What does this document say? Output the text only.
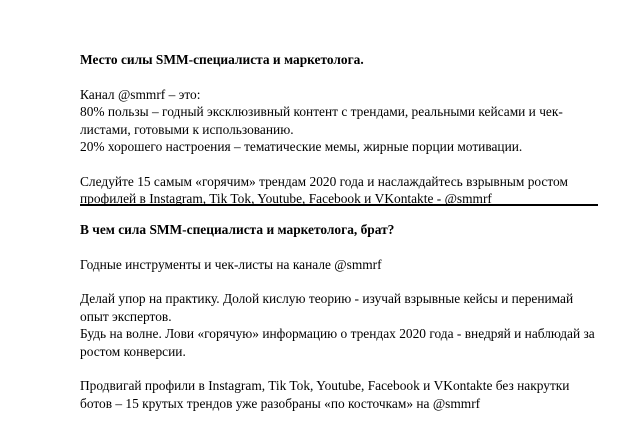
Место силы SMM-специалиста и маркетолога.

Канал @smmrf – это:

80% пользы – годный эксклюзивный контент с трендами, реальными кейсами и чек-

листами, готовыми к использованию.

20% хорошего настроения – тематические мемы, жирные порции мотивации.

Следуйте 15 самым «горячим» трендам 2020 года и наслаждайтесь взрывным ростом

профилей в Instagram, Tik Tok, Youtube, Facebook и VKontakte - @smmrf

В чем сила SMM-специалиста и маркетолога, брат?

Годные инструменты и чек-листы на канале @smmrf

Делай упор на практику. Долой кислую теорию - изучай взрывные кейсы и перенимай

опыт экспертов.

Будь на волне. Лови «горячую» информацию о трендах 2020 года - внедряй и наблюдай за

ростом конверсии.

Продвигай профили в Instagram, Tik Tok, Youtube, Facebook и VKontakte без накрутки

ботов – 15 крутых трендов уже разобраны «по косточкам» на @smmrf
